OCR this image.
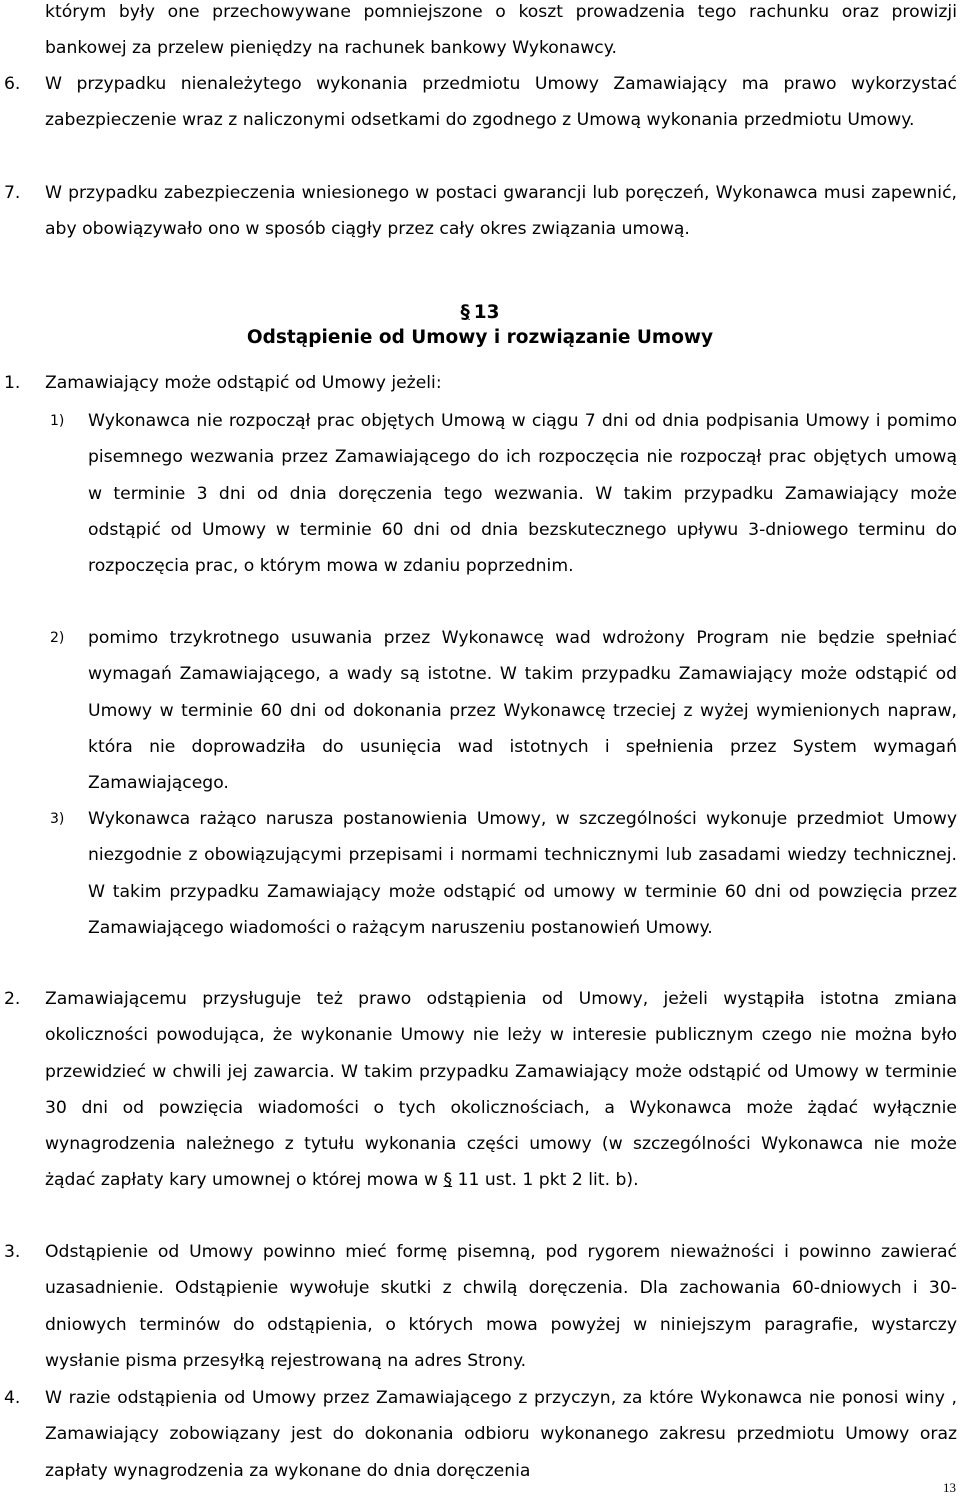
którym były one przechowywane pomniejszone o koszt prowadzenia tego rachunku oraz prowizji bankowej za przelew pieniędzy na rachunek bankowy Wykonawcy.

6. W przypadku nienależytego wykonania przedmiotu Umowy Zamawiający ma prawo wykorzystać zabezpieczenie wraz z naliczonymi odsetkami do zgodnego z Umową wykonania przedmiotu Umowy.

7. W przypadku zabezpieczenia wniesionego w postaci gwarancji lub poręczeń, Wykonawca musi zapewnić, aby obowiązywało ono w sposób ciągły przez cały okres związania umową.

§ 13
Odstąpienie od Umowy i rozwiązanie Umowy
1. Zamawiający może odstąpić od Umowy jeżeli:

1) Wykonawca nie rozpoczął prac objętych Umową w ciągu 7 dni od dnia podpisania Umowy i pomimo pisemnego wezwania przez Zamawiającego do ich rozpoczęcia nie rozpoczął prac objętych umową w terminie 3 dni od dnia doręczenia tego wezwania. W takim przypadku Zamawiający może odstąpić od Umowy w terminie 60 dni od dnia bezskutecznego upływu 3-dniowego terminu do rozpoczęcia prac, o którym mowa w zdaniu poprzednim.

2) pomimo trzykrotnego usuwania przez Wykonawcę wad wdrożony Program nie będzie spełniać wymagań Zamawiającego, a wady są istotne. W takim przypadku Zamawiający może odstąpić od Umowy w terminie 60 dni od dokonania przez Wykonawcę trzeciej z wyżej wymienionych napraw, która nie doprowadziła do usunięcia wad istotnych i spełnienia przez System wymagań Zamawiającego.

3) Wykonawca rażąco narusza postanowienia Umowy, w szczególności wykonuje przedmiot Umowy niezgodnie z obowiązującymi przepisami i normami technicznymi lub zasadami wiedzy technicznej. W takim przypadku Zamawiający może odstąpić od umowy w terminie 60 dni od powzięcia przez Zamawiającego wiadomości o rażącym naruszeniu postanowień Umowy.

2. Zamawiającemu przysługuje też prawo odstąpienia od Umowy, jeżeli wystąpiła istotna zmiana okoliczności powodująca, że wykonanie Umowy nie leży w interesie publicznym czego nie można było przewidzieć w chwili jej zawarcia. W takim przypadku Zamawiający może odstąpić od Umowy w terminie 30 dni od powzięcia wiadomości o tych okolicznościach, a Wykonawca może żądać wyłącznie wynagrodzenia należnego z tytułu wykonania części umowy (w szczególności Wykonawca nie może żądać zapłaty kary umownej o której mowa w § 11 ust. 1 pkt 2 lit. b).

3. Odstąpienie od Umowy powinno mieć formę pisemną, pod rygorem nieważności i powinno zawierać uzasadnienie. Odstąpienie wywołuje skutki z chwilą doręczenia. Dla zachowania 60-dniowych i 30-dniowych terminów do odstąpienia, o których mowa powyżej w niniejszym paragrafie, wystarczy wysłanie pisma przesyłką rejestrowaną na adres Strony.

4. W razie odstąpienia od Umowy przez Zamawiającego z przyczyn, za które Wykonawca nie ponosi winy , Zamawiający zobowiązany jest do dokonania odbioru wykonanego zakresu przedmiotu Umowy oraz zapłaty wynagrodzenia za wykonane do dnia doręczenia

13
